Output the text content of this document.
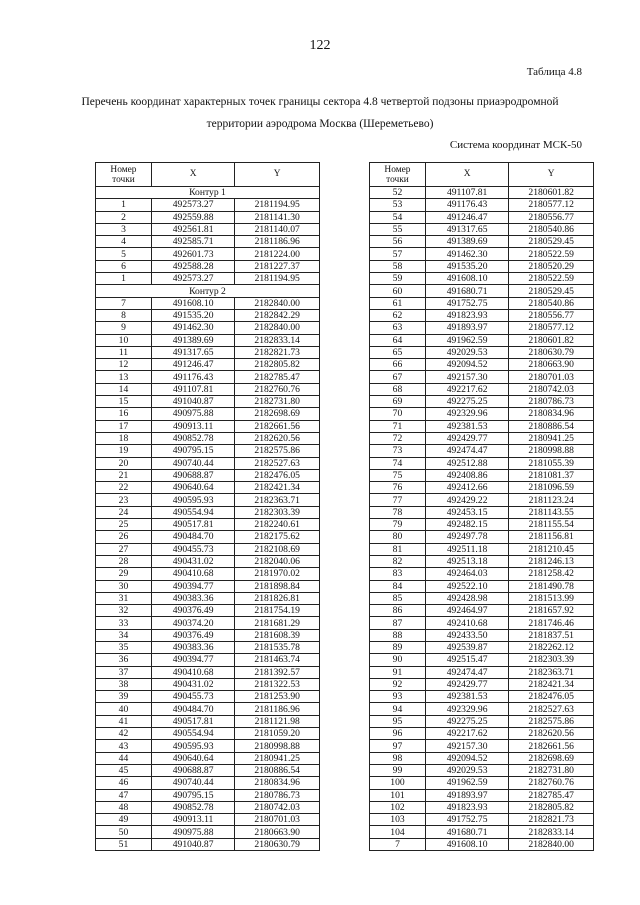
122
Таблица 4.8
Перечень координат характерных точек границы сектора 4.8 четвертой подзоны приаэродромной
территории аэродрома Москва (Шереметьево)
Система координат МСК-50
Номер
точки	X	Y
Контур 1		
1	492573.27	2181194.95
2	492559.88	2181141.30
3	492561.81	2181140.07
4	492585.71	2181186.96
5	492601.73	2181224.00
6	492588.28	2181227.37
1	492573.27	2181194.95
Контур 2		
7	491608.10	2182840.00
8	491535.20	2182842.29
9	491462.30	2182840.00
10	491389.69	2182833.14
11	491317.65	2182821.73
12	491246.47	2182805.82
13	491176.43	2182785.47
14	491107.81	2182760.76
15	491040.87	2182731.80
16	490975.88	2182698.69
17	490913.11	2182661.56
18	490852.78	2182620.56
19	490795.15	2182575.86
20	490740.44	2182527.63
21	490688.87	2182476.05
22	490640.64	2182421.34
23	490595.93	2182363.71
24	490554.94	2182303.39
25	490517.81	2182240.61
26	490484.70	2182175.62
27	490455.73	2182108.69
28	490431.02	2182040.06
29	490410.68	2181970.02
30	490394.77	2181898.84
31	490383.36	2181826.81
32	490376.49	2181754.19
33	490374.20	2181681.29
34	490376.49	2181608.39
35	490383.36	2181535.78
36	490394.77	2181463.74
37	490410.68	2181392.57
38	490431.02	2181322.53
39	490455.73	2181253.90
40	490484.70	2181186.96
41	490517.81	2181121.98
42	490554.94	2181059.20
43	490595.93	2180998.88
44	490640.64	2180941.25
45	490688.87	2180886.54
46	490740.44	2180834.96
47	490795.15	2180786.73
48	490852.78	2180742.03
49	490913.11	2180701.03
50	490975.88	2180663.90
51	491040.87	2180630.79
Номер
точки	X	Y
52	491107.81	2180601.82
53	491176.43	2180577.12
54	491246.47	2180556.77
55	491317.65	2180540.86
56	491389.69	2180529.45
57	491462.30	2180522.59
58	491535.20	2180520.29
59	491608.10	2180522.59
60	491680.71	2180529.45
61	491752.75	2180540.86
62	491823.93	2180556.77
63	491893.97	2180577.12
64	491962.59	2180601.82
65	492029.53	2180630.79
66	492094.52	2180663.90
67	492157.30	2180701.03
68	492217.62	2180742.03
69	492275.25	2180786.73
70	492329.96	2180834.96
71	492381.53	2180886.54
72	492429.77	2180941.25
73	492474.47	2180998.88
74	492512.88	2181055.39
75	492408.86	2181081.37
76	492412.66	2181096.59
77	492429.22	2181123.24
78	492453.15	2181143.55
79	492482.15	2181155.54
80	492497.78	2181156.81
81	492511.18	2181210.45
82	492513.18	2181246.13
83	492464.03	2181258.42
84	492522.10	2181490.78
85	492428.98	2181513.99
86	492464.97	2181657.92
87	492410.68	2181746.46
88	492433.50	2181837.51
89	492539.87	2182262.12
90	492515.47	2182303.39
91	492474.47	2182363.71
92	492429.77	2182421.34
93	492381.53	2182476.05
94	492329.96	2182527.63
95	492275.25	2182575.86
96	492217.62	2182620.56
97	492157.30	2182661.56
98	492094.52	2182698.69
99	492029.53	2182731.80
100	491962.59	2182760.76
101	491893.97	2182785.47
102	491823.93	2182805.82
103	491752.75	2182821.73
104	491680.71	2182833.14
7	491608.10	2182840.00
